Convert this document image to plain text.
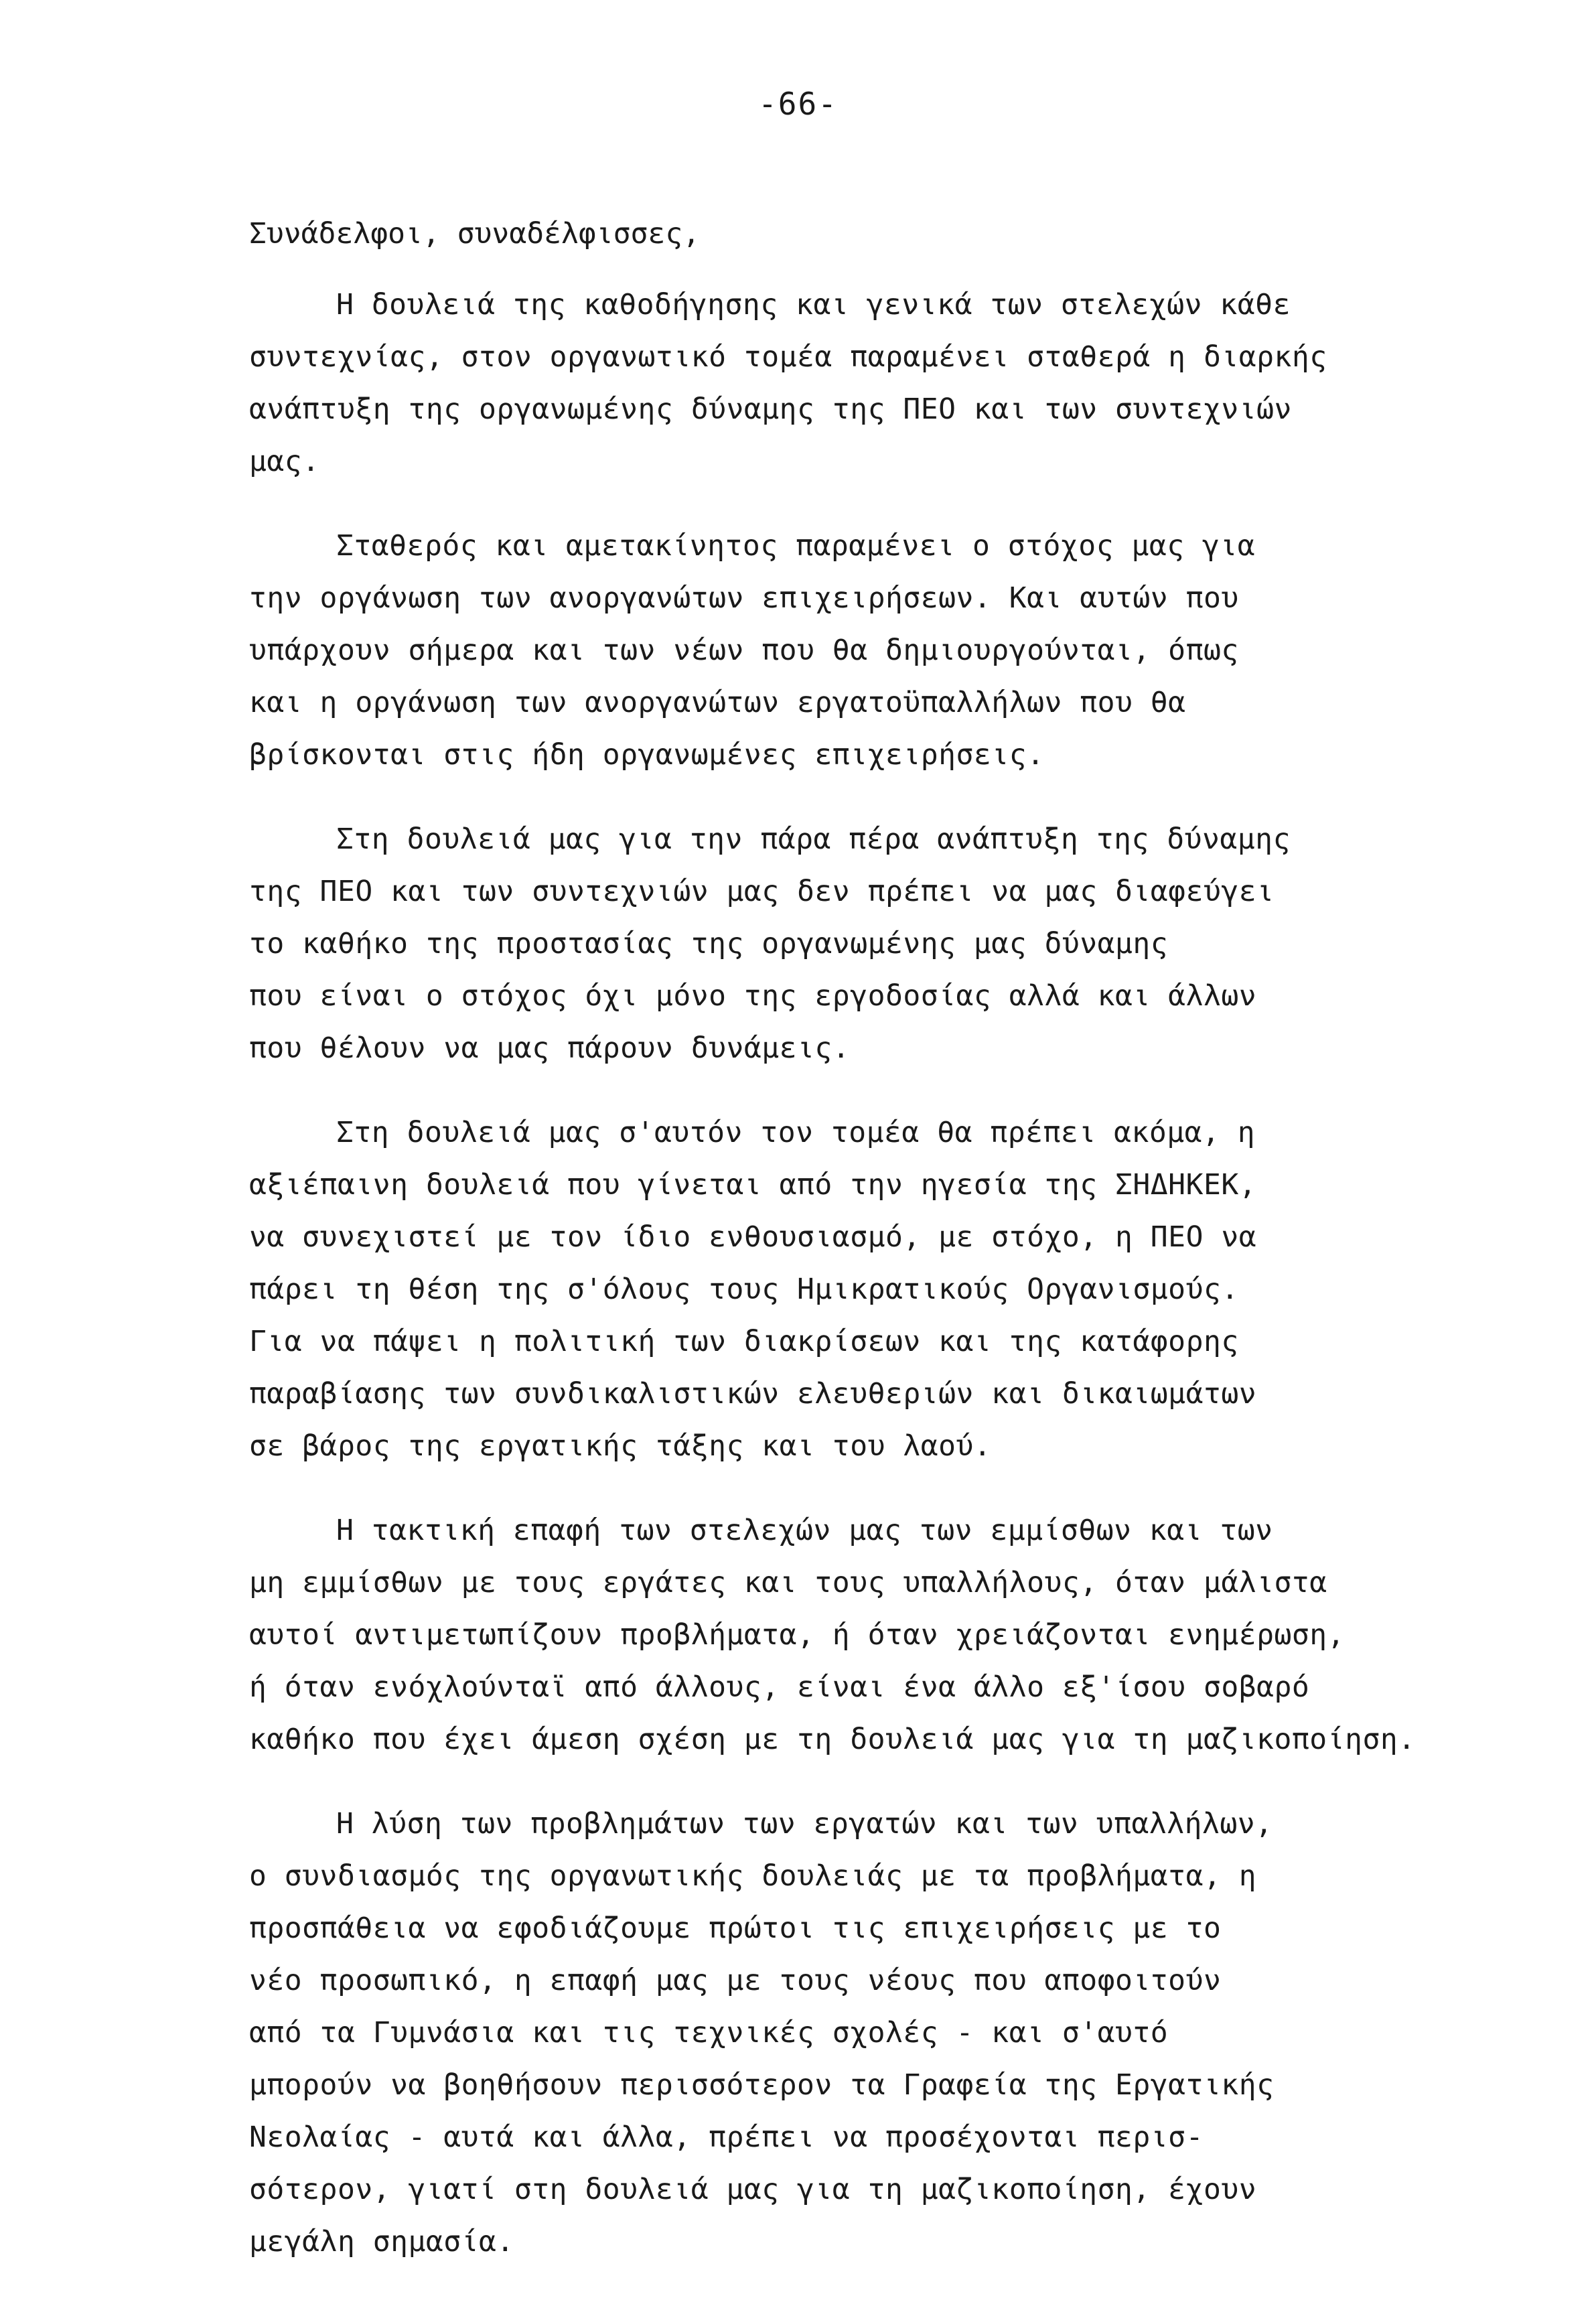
-66-
Συνάδελφοι, συναδέλφισσες,
Η δουλειά της καθοδήγησης και γενικά των στελεχών κάθε
συντεχνίας, στον οργανωτικό τομέα παραμένει σταθερά η διαρκής
ανάπτυξη της οργανωμένης δύναμης της ΠΕΟ και των συντεχνιών
μας.
Σταθερός και αμετακίνητος παραμένει ο στόχος μας για
την οργάνωση των ανοργανώτων επιχειρήσεων. Και αυτών που
υπάρχουν σήμερα και των νέων που θα δημιουργούνται, όπως
και η οργάνωση των ανοργανώτων εργατοϋπαλλήλων που θα
βρίσκονται στις ήδη οργανωμένες επιχειρήσεις.
Στη δουλειά μας για την πάρα πέρα ανάπτυξη της δύναμης
της ΠΕΟ και των συντεχνιών μας δεν πρέπει να μας διαφεύγει
το καθήκο της προστασίας της οργανωμένης μας δύναμης
που είναι ο στόχος όχι μόνο της εργοδοσίας αλλά και άλλων
που θέλουν να μας πάρουν δυνάμεις.
Στη δουλειά μας σ'αυτόν τον τομέα θα πρέπει ακόμα, η
αξιέπαινη δουλειά που γίνεται από την ηγεσία της ΣΗΔΗΚΕΚ,
να συνεχιστεί με τον ίδιο ενθουσιασμό, με στόχο, η ΠΕΟ να
πάρει τη θέση της σ'όλους τους Ημικρατικούς Οργανισμούς.
Για να πάψει η πολιτική των διακρίσεων και της κατάφορης
παραβίασης των συνδικαλιστικών ελευθεριών και δικαιωμάτων
σε βάρος της εργατικής τάξης και του λαού.
Η τακτική επαφή των στελεχών μας των εμμίσθων και των
μη εμμίσθων με τους εργάτες και τους υπαλλήλους, όταν μάλιστα
αυτοί αντιμετωπίζουν προβλήματα, ή όταν χρειάζονται ενημέρωση,
ή όταν ενόχλούνταϊ από άλλους, είναι ένα άλλο εξ'ίσου σοβαρό
καθήκο που έχει άμεση σχέση με τη δουλειά μας για τη μαζικοποίηση.
Η λύση των προβλημάτων των εργατών και των υπαλλήλων,
ο συνδιασμός της οργανωτικής δουλειάς με τα προβλήματα, η
προσπάθεια να εφοδιάζουμε πρώτοι τις επιχειρήσεις με το
νέο προσωπικό, η επαφή μας με τους νέους που αποφοιτούν
από τα Γυμνάσια και τις τεχνικές σχολές - και σ'αυτό
μπορούν να βοηθήσουν περισσότερον τα Γραφεία της Εργατικής
Νεολαίας - αυτά και άλλα, πρέπει να προσέχονται περισ-
σότερον, γιατί στη δουλειά μας για τη μαζικοποίηση, έχουν
μεγάλη σημασία.
